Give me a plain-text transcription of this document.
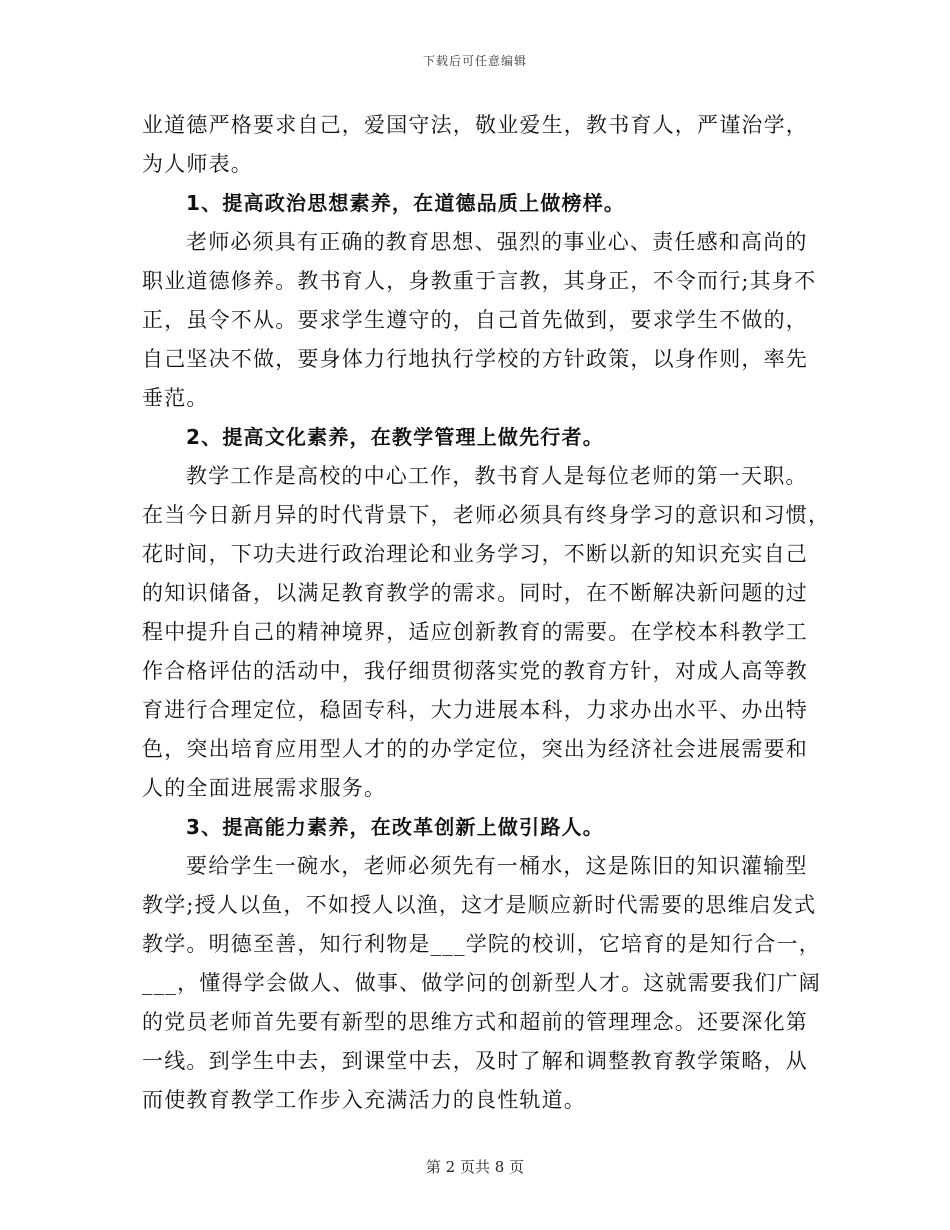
下载后可任意编辑
业道德严格要求自己，爱国守法，敬业爱生，教书育人，严谨治学，
为人师表。
1、提高政治思想素养，在道德品质上做榜样。
老师必须具有正确的教育思想、强烈的事业心、责任感和高尚的
职业道德修养。教书育人，身教重于言教，其身正，不令而行;其身不
正，虽令不从。要求学生遵守的，自己首先做到，要求学生不做的，
自己坚决不做，要身体力行地执行学校的方针政策，以身作则，率先
垂范。
2、提高文化素养，在教学管理上做先行者。
教学工作是高校的中心工作，教书育人是每位老师的第一天职。
在当今日新月异的时代背景下，老师必须具有终身学习的意识和习惯，
花时间，下功夫进行政治理论和业务学习，不断以新的知识充实自己
的知识储备，以满足教育教学的需求。同时，在不断解决新问题的过
程中提升自己的精神境界，适应创新教育的需要。在学校本科教学工
作合格评估的活动中，我仔细贯彻落实党的教育方针，对成人高等教
育进行合理定位，稳固专科，大力进展本科，力求办出水平、办出特
色，突出培育应用型人才的的办学定位，突出为经济社会进展需要和
人的全面进展需求服务。
3、提高能力素养，在改革创新上做引路人。
要给学生一碗水，老师必须先有一桶水，这是陈旧的知识灌输型
教学;授人以鱼，不如授人以渔，这才是顺应新时代需要的思维启发式
教学。明德至善，知行利物是___学院的校训，它培育的是知行合一，
___，懂得学会做人、做事、做学问的创新型人才。这就需要我们广阔
的党员老师首先要有新型的思维方式和超前的管理理念。还要深化第
一线。到学生中去，到课堂中去，及时了解和调整教育教学策略，从
而使教育教学工作步入充满活力的良性轨道。
第 2 页共 8 页
